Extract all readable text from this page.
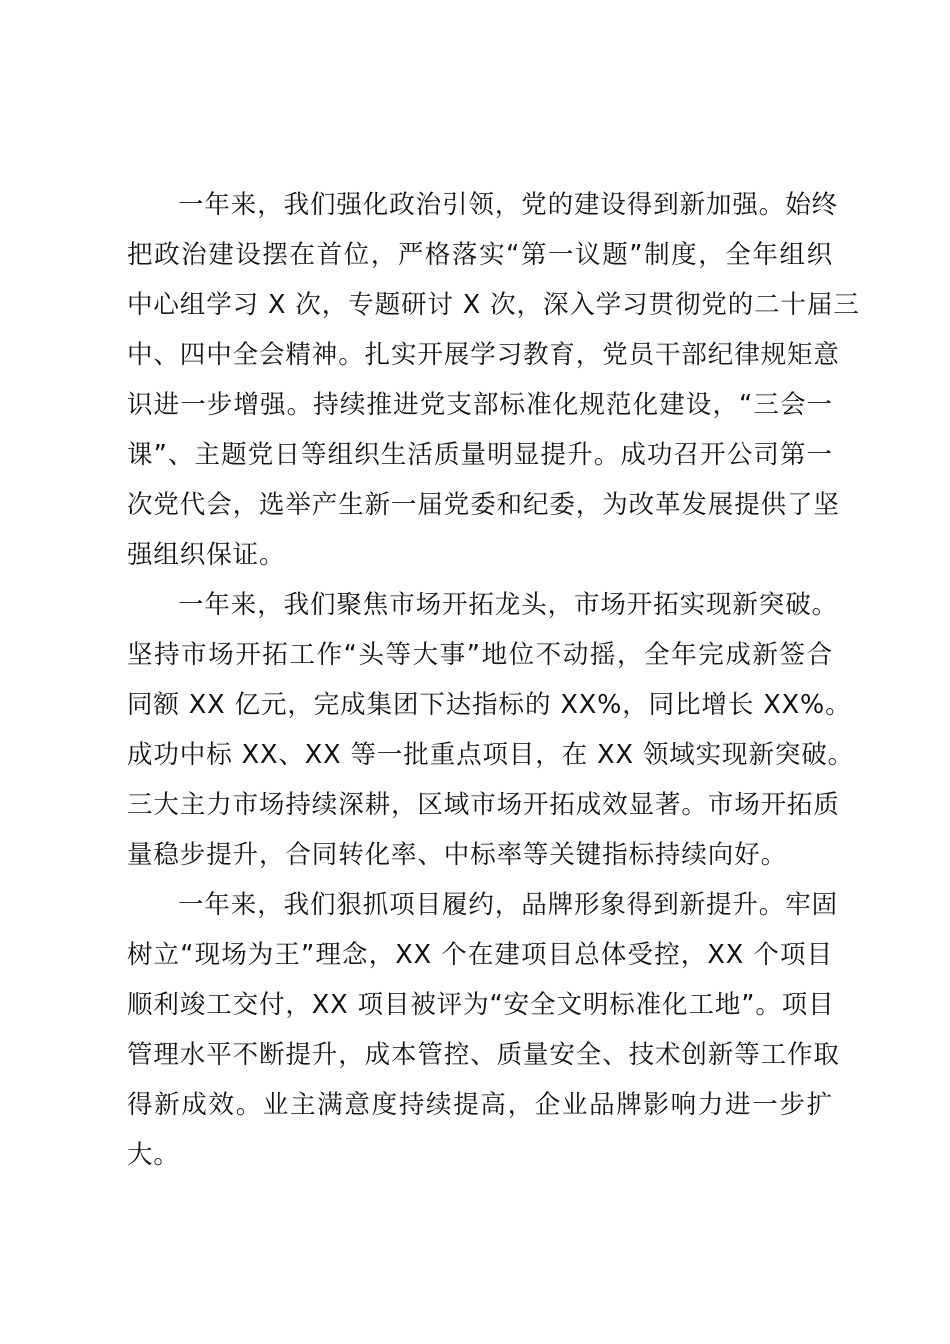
一年来，我们强化政治引领，党的建设得到新加强。始终
把政治建设摆在首位，严格落实“第一议题”制度，全年组织
中心组学习 X 次，专题研讨 X 次，深入学习贯彻党的二十届三
中、四中全会精神。扎实开展学习教育，党员干部纪律规矩意
识进一步增强。持续推进党支部标准化规范化建设，“三会一
课”、主题党日等组织生活质量明显提升。成功召开公司第一
次党代会，选举产生新一届党委和纪委，为改革发展提供了坚
强组织保证。
一年来，我们聚焦市场开拓龙头，市场开拓实现新突破。
坚持市场开拓工作“头等大事”地位不动摇，全年完成新签合
同额 XX 亿元，完成集团下达指标的 XX%，同比增长 XX%。
成功中标 XX、XX 等一批重点项目，在 XX 领域实现新突破。
三大主力市场持续深耕，区域市场开拓成效显著。市场开拓质
量稳步提升，合同转化率、中标率等关键指标持续向好。
一年来，我们狠抓项目履约，品牌形象得到新提升。牢固
树立“现场为王”理念，XX 个在建项目总体受控，XX 个项目
顺利竣工交付，XX 项目被评为“安全文明标准化工地”。项目
管理水平不断提升，成本管控、质量安全、技术创新等工作取
得新成效。业主满意度持续提高，企业品牌影响力进一步扩
大。
